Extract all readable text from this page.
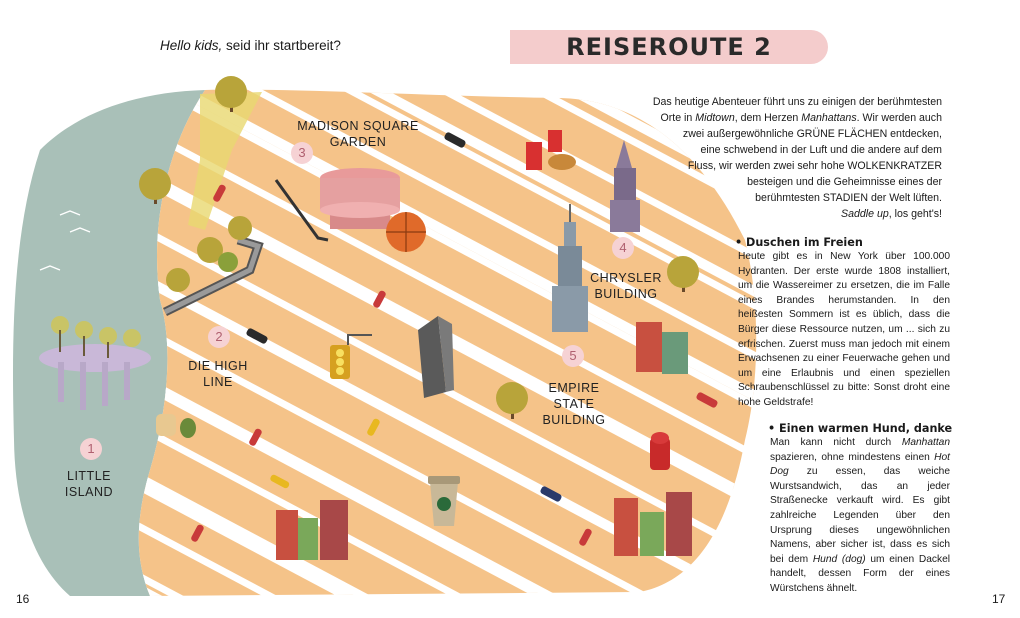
Hello kids, seid ihr startbereit?	REISEROUTE 2
Das heutige Abenteuer führt uns zu einigen der berühmtesten
Orte in Midtown, dem Herzen Manhattans. Wir werden auch
zwei außergewöhnliche GRÜNE FLÄCHEN entdecken,
eine schwebend in der Luft und die andere auf dem
Fluss, wir werden zwei sehr hohe WOLKENKRATZER
besteigen und die Geheimnisse eines der
berühmtesten STADIEN der Welt lüften.
Saddle up, los geht's!
• Duschen im Freien
Heute gibt es in New York über 100.000 Hydranten. Der erste wurde 1808 installiert, um die Wassereimer zu ersetzen, die im Falle eines Brandes herumstanden. In den heißesten Sommern ist es üblich, dass die Bürger diese Ressource nutzen, um ... sich zu erfrischen. Zuerst muss man jedoch mit einem Erwachsenen zu einer Feuerwache gehen und um eine Erlaubnis und einen speziellen Schraubenschlüssel zu bitte: Sonst droht eine hohe Geldstrafe!
• Einen warmen Hund, danke
Man kann nicht durch Manhattan spazieren, ohne mindestens einen Hot Dog zu essen, das weiche Wurstsandwich, das an jeder Straßenecke verkauft wird. Es gibt zahlreiche Legenden über den Ursprung dieses ungewöhnlichen Namens, aber sicher ist, dass es sich bei dem Hund (dog) um einen Dackel handelt, dessen Form der eines Würstchens ähnelt.
1
LITTLE
ISLAND
2
DIE HIGH
LINE
3
MADISON SQUARE
GARDEN
4
CHRYSLER
BUILDING
5
EMPIRE
STATE
BUILDING
16	17
